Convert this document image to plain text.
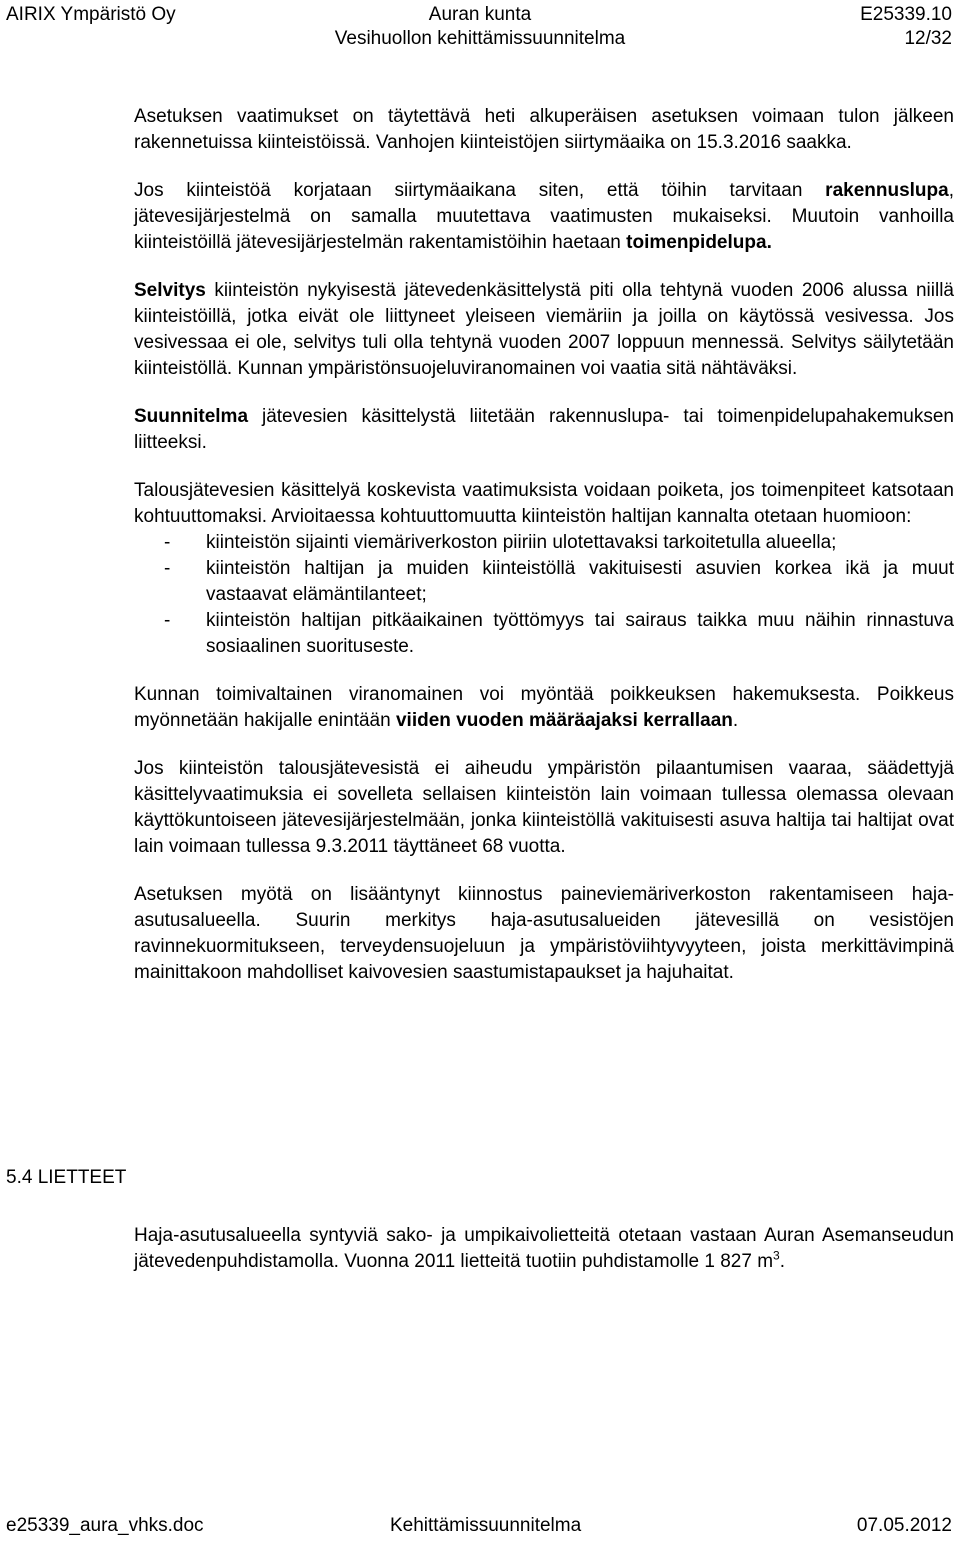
AIRIX Ympäristö Oy	Auran kunta	E25339.10
Vesihuollon kehittämissuunnitelma	12/32

Asetuksen vaatimukset on täytettävä heti alkuperäisen asetuksen voimaan tulon jälkeen rakennetuissa kiinteistöissä. Vanhojen kiinteistöjen siirtymäaika on 15.3.2016 saakka.

Jos kiinteistöä korjataan siirtymäaikana siten, että töihin tarvitaan rakennuslupa, jätevesijärjestelmä on samalla muutettava vaatimusten mukaiseksi. Muutoin vanhoilla kiinteistöillä jätevesijärjestelmän rakentamistöihin haetaan toimenpidelupa.

Selvitys kiinteistön nykyisestä jätevedenkäsittelystä piti olla tehtynä vuoden 2006 alussa niillä kiinteistöillä, jotka eivät ole liittyneet yleiseen viemäriin ja joilla on käytössä vesivessa. Jos vesivessaa ei ole, selvitys tuli olla tehtynä vuoden 2007 loppuun mennessä. Selvitys säilytetään kiinteistöllä. Kunnan ympäristönsuojeluviranomainen voi vaatia sitä nähtäväksi.

Suunnitelma jätevesien käsittelystä liitetään rakennuslupa- tai toimenpidelupahakemuksen liitteeksi.

Talousjätevesien käsittelyä koskevista vaatimuksista voidaan poiketa, jos toimenpiteet katsotaan kohtuuttomaksi. Arvioitaessa kohtuuttomuutta kiinteistön haltijan kannalta otetaan huomioon:

- kiinteistön sijainti viemäriverkoston piiriin ulotettavaksi tarkoitetulla alueella;
- kiinteistön haltijan ja muiden kiinteistöllä vakituisesti asuvien korkea ikä ja muut vastaavat elämäntilanteet;
- kiinteistön haltijan pitkäaikainen työttömyys tai sairaus taikka muu näihin rinnastuva sosiaalinen suorituseste.

Kunnan toimivaltainen viranomainen voi myöntää poikkeuksen hakemuksesta. Poikkeus myönnetään hakijalle enintään viiden vuoden määräajaksi kerrallaan.

Jos kiinteistön talousjätevesistä ei aiheudu ympäristön pilaantumisen vaaraa, säädettyjä käsittelyvaatimuksia ei sovelleta sellaisen kiinteistön lain voimaan tullessa olemassa olevaan käyttökuntoiseen jätevesijärjestelmään, jonka kiinteistöllä vakituisesti asuva haltija tai haltijat ovat lain voimaan tullessa 9.3.2011 täyttäneet 68 vuotta.

Asetuksen myötä on lisääntynyt kiinnostus paineviemäriverkoston rakentamiseen haja-asutusalueella. Suurin merkitys haja-asutusalueiden jätevesillä on vesistöjen ravinnekuormitukseen, terveydensuojeluun ja ympäristöviihtyvyyteen, joista merkittävimpinä mainittakoon mahdolliset kaivovesien saastumistapaukset ja hajuhaitat.

5.4 LIETTEET

Haja-asutusalueella syntyviä sako- ja umpikaivolietteitä otetaan vastaan Auran Asemanseudun jätevedenpuhdistamolla. Vuonna 2011 lietteitä tuotiin puhdistamolle 1 827 $m^3$.

e25339_aura_vhks.doc	Kehittämissuunnitelma	07.05.2012
